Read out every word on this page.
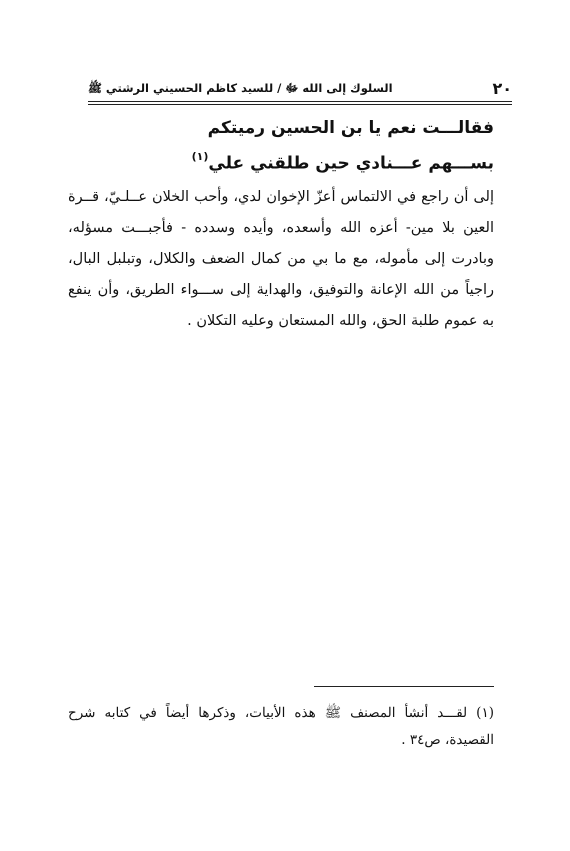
٢٠
السلوك إلى الله ﷻ / للسيد كاظم الحسيني الرشتي ﷺ
فقالـــت نعم يا بن الحسين رميتكم
بســـهم عـــنادي حين طلقني علي$^{(١)}$

إلى أن راجع في الالتماس أعزّ الإخوان لدي، وأحب الخلان عــلـيّ، قــرة العين بلا مين- أعزه الله وأسعده، وأيده وسدده - فأجبـــت مسؤله، وبادرت إلى مأموله، مع ما بي من كمال الضعف والكلال، وتبلبل البال، راجياً من الله الإعانة والتوفيق، والهداية إلى ســـواء الطريق، وأن ينفع به عموم طلبة الحق، والله المستعان وعليه التكلان .

(١) لقـــد أنشأ المصنف ﷺ هذه الأبيات، وذكرها أيضاً في كتابه شرح القصيدة، ص٣٤ .
